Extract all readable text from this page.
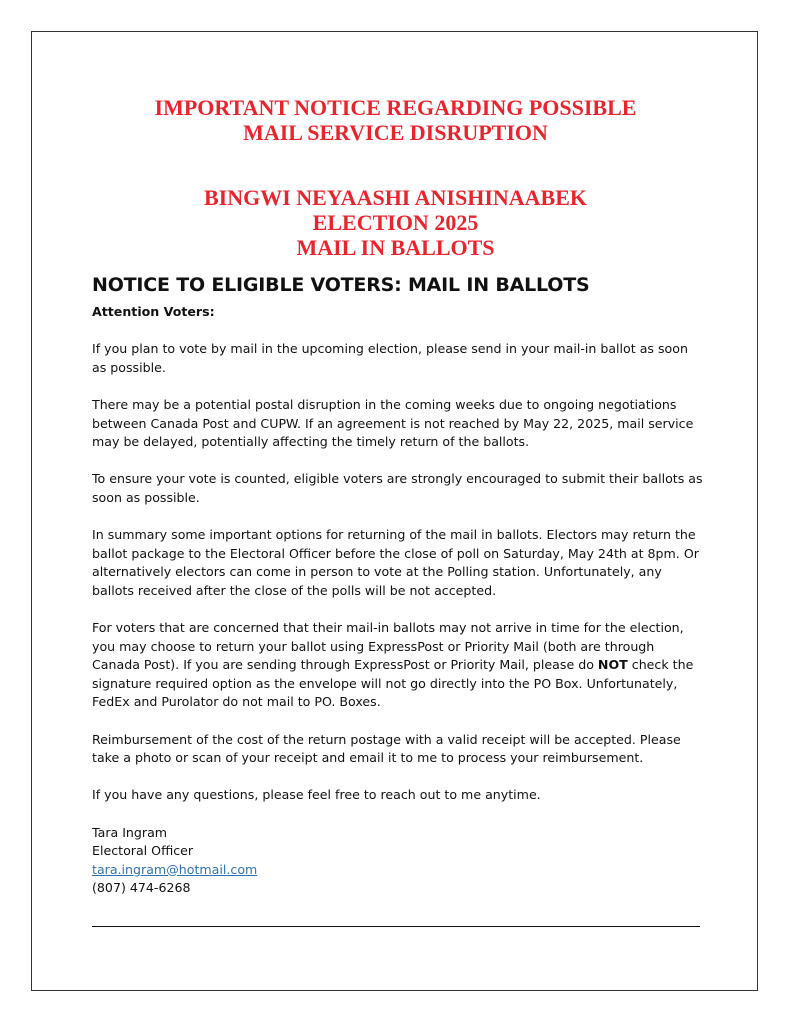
IMPORTANT NOTICE REGARDING POSSIBLE
MAIL SERVICE DISRUPTION
BINGWI NEYAASHI ANISHINAABEK
ELECTION 2025
MAIL IN BALLOTS
NOTICE TO ELIGIBLE VOTERS: MAIL IN BALLOTS

Attention Voters:

If you plan to vote by mail in the upcoming election, please send in your mail-in ballot as soon as possible.

There may be a potential postal disruption in the coming weeks due to ongoing negotiations between Canada Post and CUPW. If an agreement is not reached by May 22, 2025, mail service may be delayed, potentially affecting the timely return of the ballots.

To ensure your vote is counted, eligible voters are strongly encouraged to submit their ballots as soon as possible.

In summary some important options for returning of the mail in ballots. Electors may return the ballot package to the Electoral Officer before the close of poll on Saturday, May 24th at 8pm. Or alternatively electors can come in person to vote at the Polling station. Unfortunately, any ballots received after the close of the polls will be not accepted.

For voters that are concerned that their mail-in ballots may not arrive in time for the election, you may choose to return your ballot using ExpressPost or Priority Mail (both are through Canada Post). If you are sending through ExpressPost or Priority Mail, please do NOT check the signature required option as the envelope will not go directly into the PO Box. Unfortunately, FedEx and Purolator do not mail to PO. Boxes.

Reimbursement of the cost of the return postage with a valid receipt will be accepted. Please take a photo or scan of your receipt and email it to me to process your reimbursement.

If you have any questions, please feel free to reach out to me anytime.

Tara Ingram
Electoral Officer
tara.ingram@hotmail.com
(807) 474-6268
